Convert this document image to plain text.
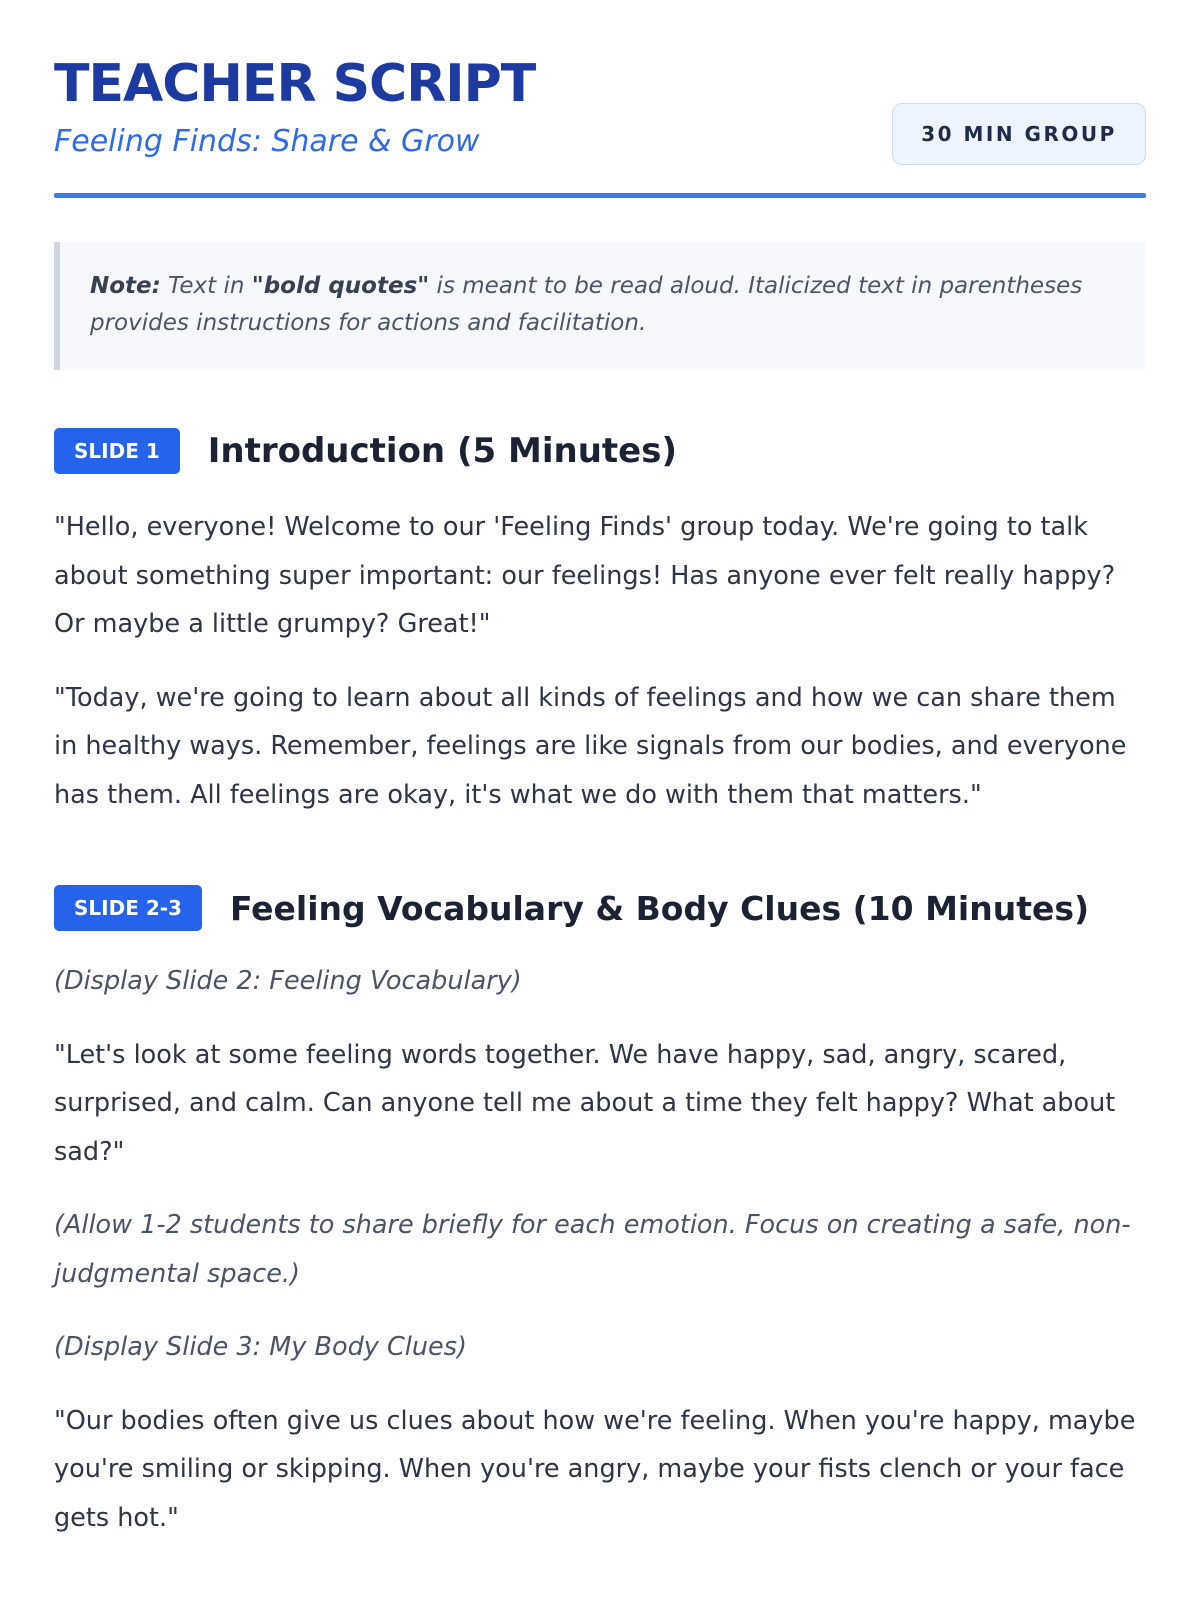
TEACHER SCRIPT
Feeling Finds: Share & Grow	30 MIN GROUP
Note: Text in "bold quotes" is meant to be read aloud. Italicized text in parentheses provides instructions for actions and facilitation.
SLIDE 1	Introduction (5 Minutes)

"Hello, everyone! Welcome to our 'Feeling Finds' group today. We're going to talk about something super important: our feelings! Has anyone ever felt really happy? Or maybe a little grumpy? Great!"

"Today, we're going to learn about all kinds of feelings and how we can share them in healthy ways. Remember, feelings are like signals from our bodies, and everyone has them. All feelings are okay, it's what we do with them that matters."

SLIDE 2-3	Feeling Vocabulary & Body Clues (10 Minutes)

(Display Slide 2: Feeling Vocabulary)

"Let's look at some feeling words together. We have happy, sad, angry, scared, surprised, and calm. Can anyone tell me about a time they felt happy? What about sad?"

(Allow 1-2 students to share briefly for each emotion. Focus on creating a safe, non-judgmental space.)

(Display Slide 3: My Body Clues)

"Our bodies often give us clues about how we're feeling. When you're happy, maybe you're smiling or skipping. When you're angry, maybe your fists clench or your face gets hot."
